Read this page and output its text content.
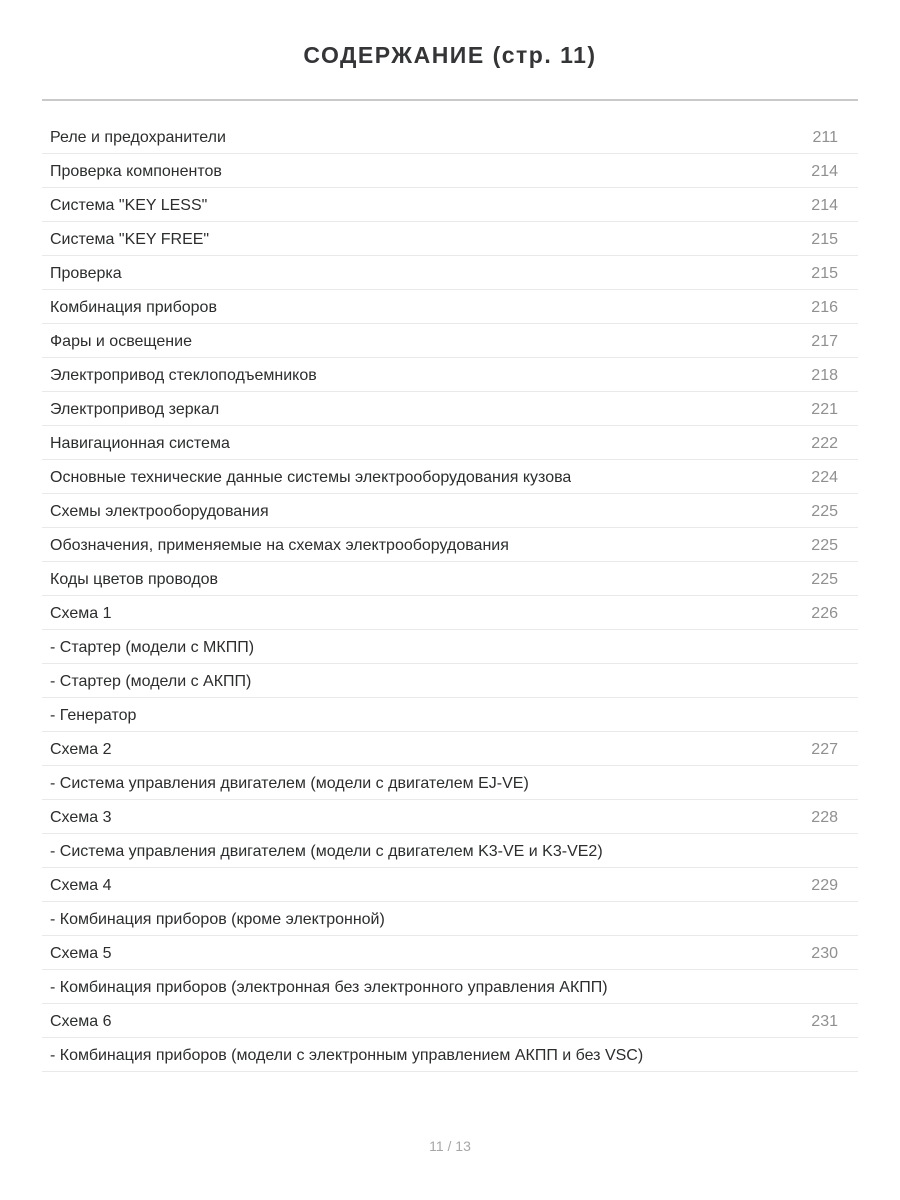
СОДЕРЖАНИЕ (стр. 11)
Реле и предохранители	211
Проверка компонентов	214
Система "KEY LESS"	214
Система "KEY FREE"	215
Проверка	215
Комбинация приборов	216
Фары и освещение	217
Электропривод стеклоподъемников	218
Электропривод зеркал	221
Навигационная система	222
Основные технические данные системы электрооборудования кузова	224
Схемы электрооборудования	225
Обозначения, применяемые на схемах электрооборудования	225
Коды цветов проводов	225
Схема 1	226
- Стартер (модели с МКПП)
- Стартер (модели с АКПП)
- Генератор
Схема 2	227
- Система управления двигателем (модели с двигателем EJ-VE)
Схема 3	228
- Система управления двигателем (модели с двигателем K3-VE и K3-VE2)
Схема 4	229
- Комбинация приборов (кроме электронной)
Схема 5	230
- Комбинация приборов (электронная без электронного управления АКПП)
Схема 6	231
- Комбинация приборов (модели с электронным управлением АКПП и без VSC)
11 / 13
